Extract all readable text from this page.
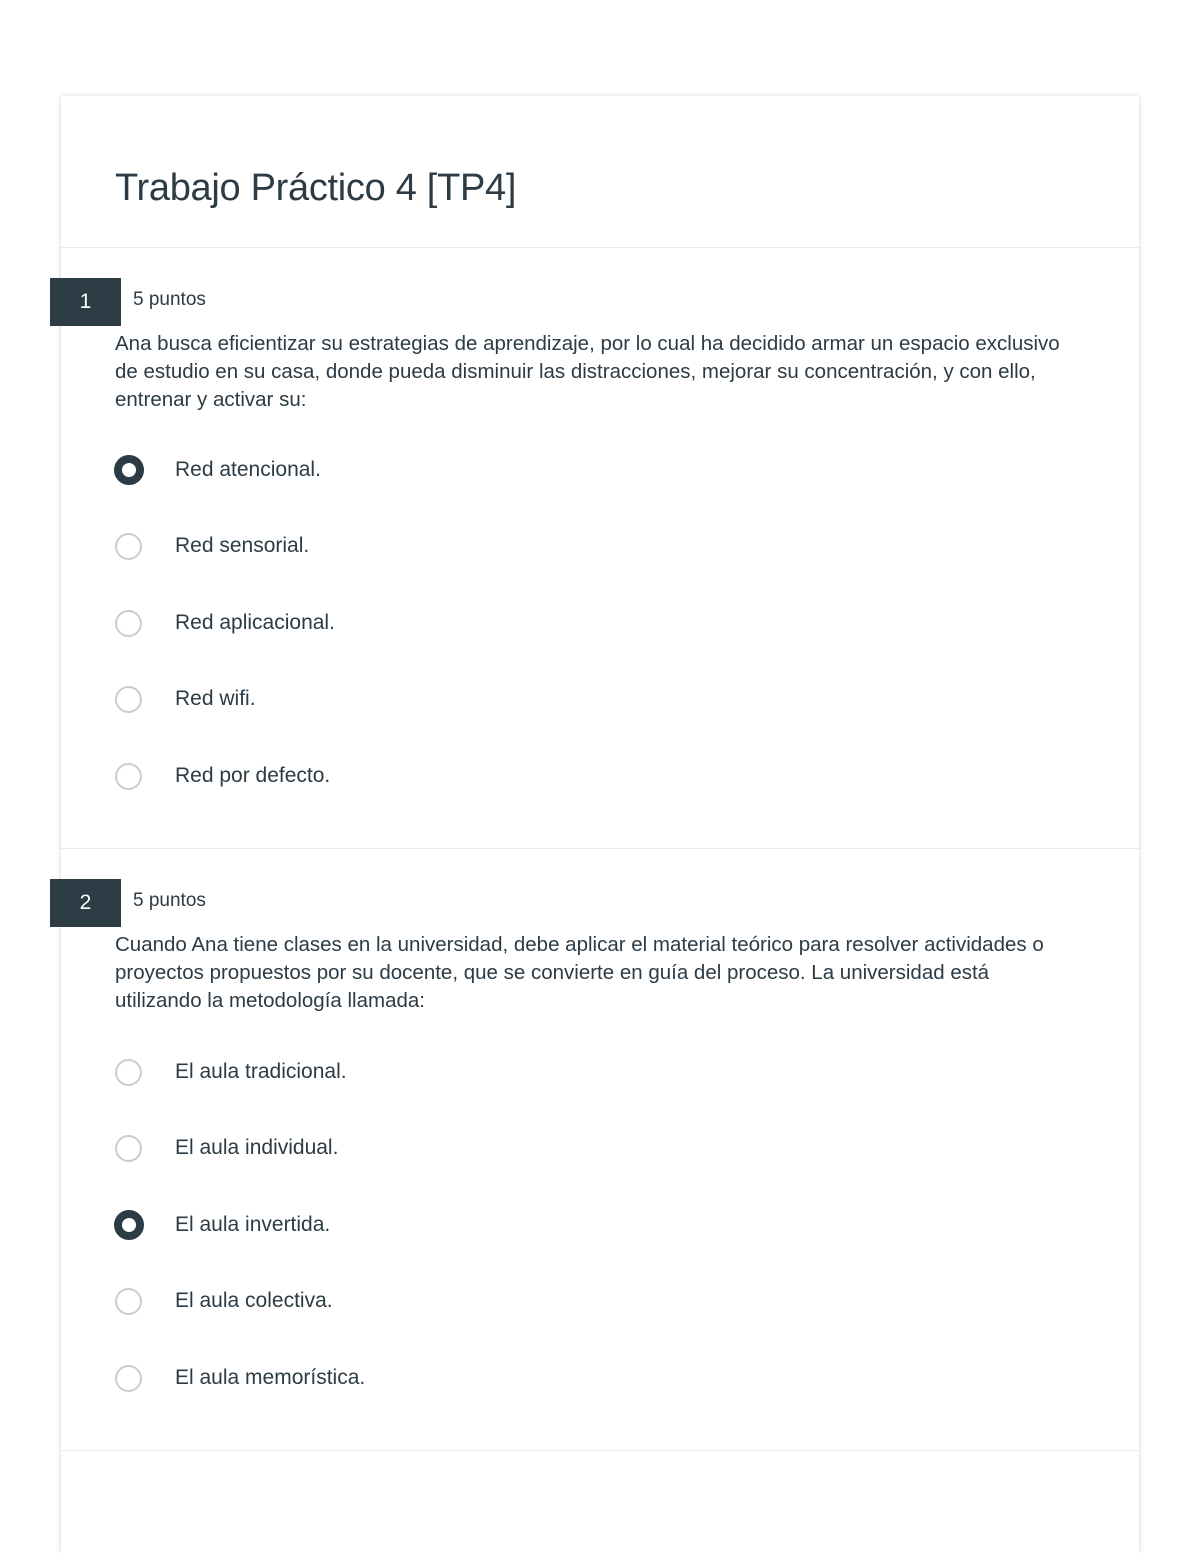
Trabajo Práctico 4 [TP4]
1	5 puntos

Ana busca eficientizar su estrategias de aprendizaje, por lo cual ha decidido armar un espacio exclusivo de estudio en su casa, donde pueda disminuir las distracciones, mejorar su concentración, y con ello, entrenar y activar su:

Red atencional.
Red sensorial.
Red aplicacional.
Red wifi.
Red por defecto.
2	5 puntos

Cuando Ana tiene clases en la universidad, debe aplicar el material teórico para resolver actividades o proyectos propuestos por su docente, que se convierte en guía del proceso. La universidad está utilizando la metodología llamada:

El aula tradicional.
El aula individual.
El aula invertida.
El aula colectiva.
El aula memorística.
